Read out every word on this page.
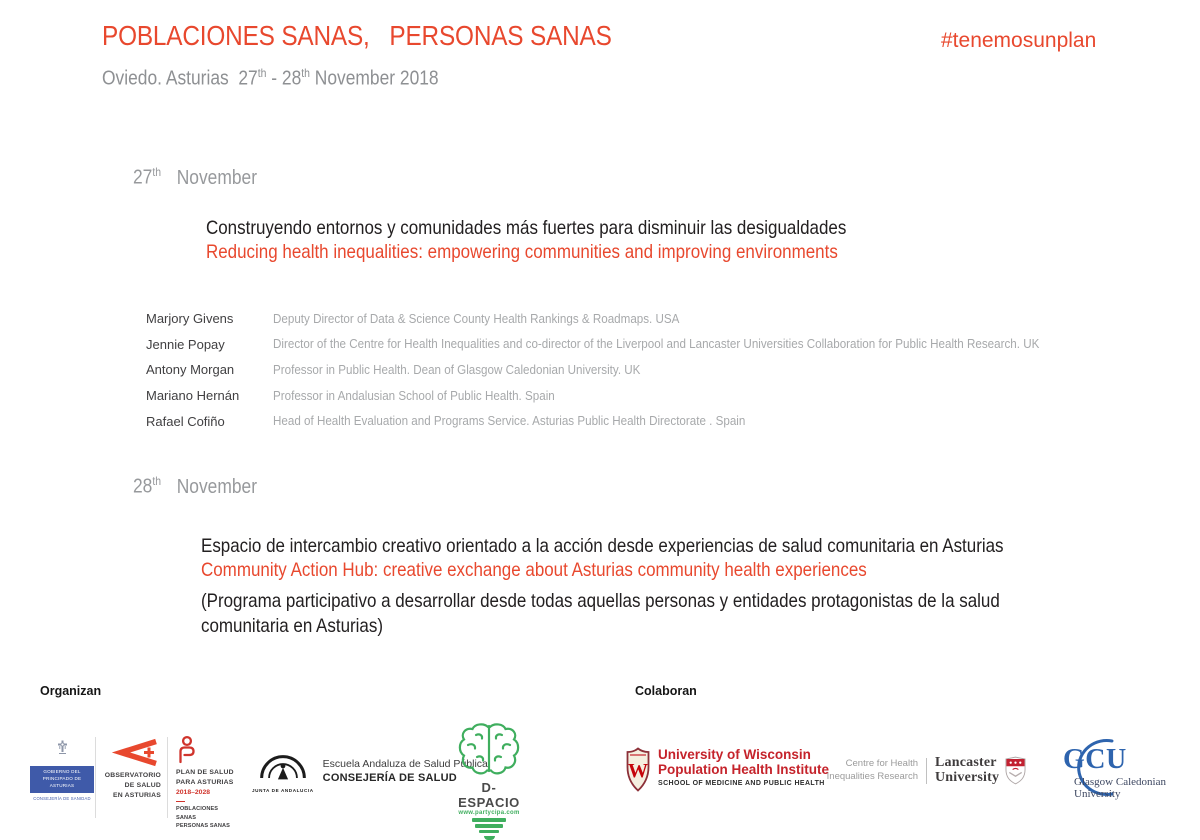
POBLACIONES SANAS,   PERSONAS SANAS	#tenemosunplan
Oviedo. Asturias  27th - 28th November 2018
27th November
Construyendo entornos y comunidades más fuertes para disminuir las desigualdades
Reducing health inequalities: empowering communities and improving environments
Marjory Givens	Deputy Director of Data & Science County Health Rankings & Roadmaps. USA
Jennie Popay	Director of the Centre for Health Inequalities and co-director of the Liverpool and Lancaster Universities Collaboration for Public Health Research. UK
Antony Morgan	Professor in Public Health. Dean of Glasgow Caledonian University. UK
Mariano Hernán	Professor in Andalusian School of Public Health. Spain
Rafael Cofiño	Head of Health Evaluation and Programs Service. Asturias Public Health Directorate . Spain
28th November
Espacio de intercambio creativo orientado a la acción desde experiencias de salud comunitaria en Asturias
Community Action Hub: creative exchange about Asturias community health experiences
(Programa participativo a desarrollar desde todas aquellas personas y entidades protagonistas de la salud comunitaria en Asturias)
Organizan	Colaboran
GOBIERNO DEL
PRINCIPADO DE ASTURIAS
CONSEJERÍA DE SANIDAD
OBSERVATORIO
DE SALUD
EN ASTURIAS
PLAN DE SALUD
PARA ASTURIAS
2018–2028
POBLACIONES SANAS
PERSONAS SANAS
JUNTA DE ANDALUCIA
Escuela Andaluza de Salud Pública
CONSEJERÍA DE SALUD
D-ESPACIO
www.partycipa.com
W
University of Wisconsin
Population Health Institute
SCHOOL OF MEDICINE AND PUBLIC HEALTH
Centre for Health
Inequalities Research
Lancaster
University
GCU
Glasgow Caledonian
University
